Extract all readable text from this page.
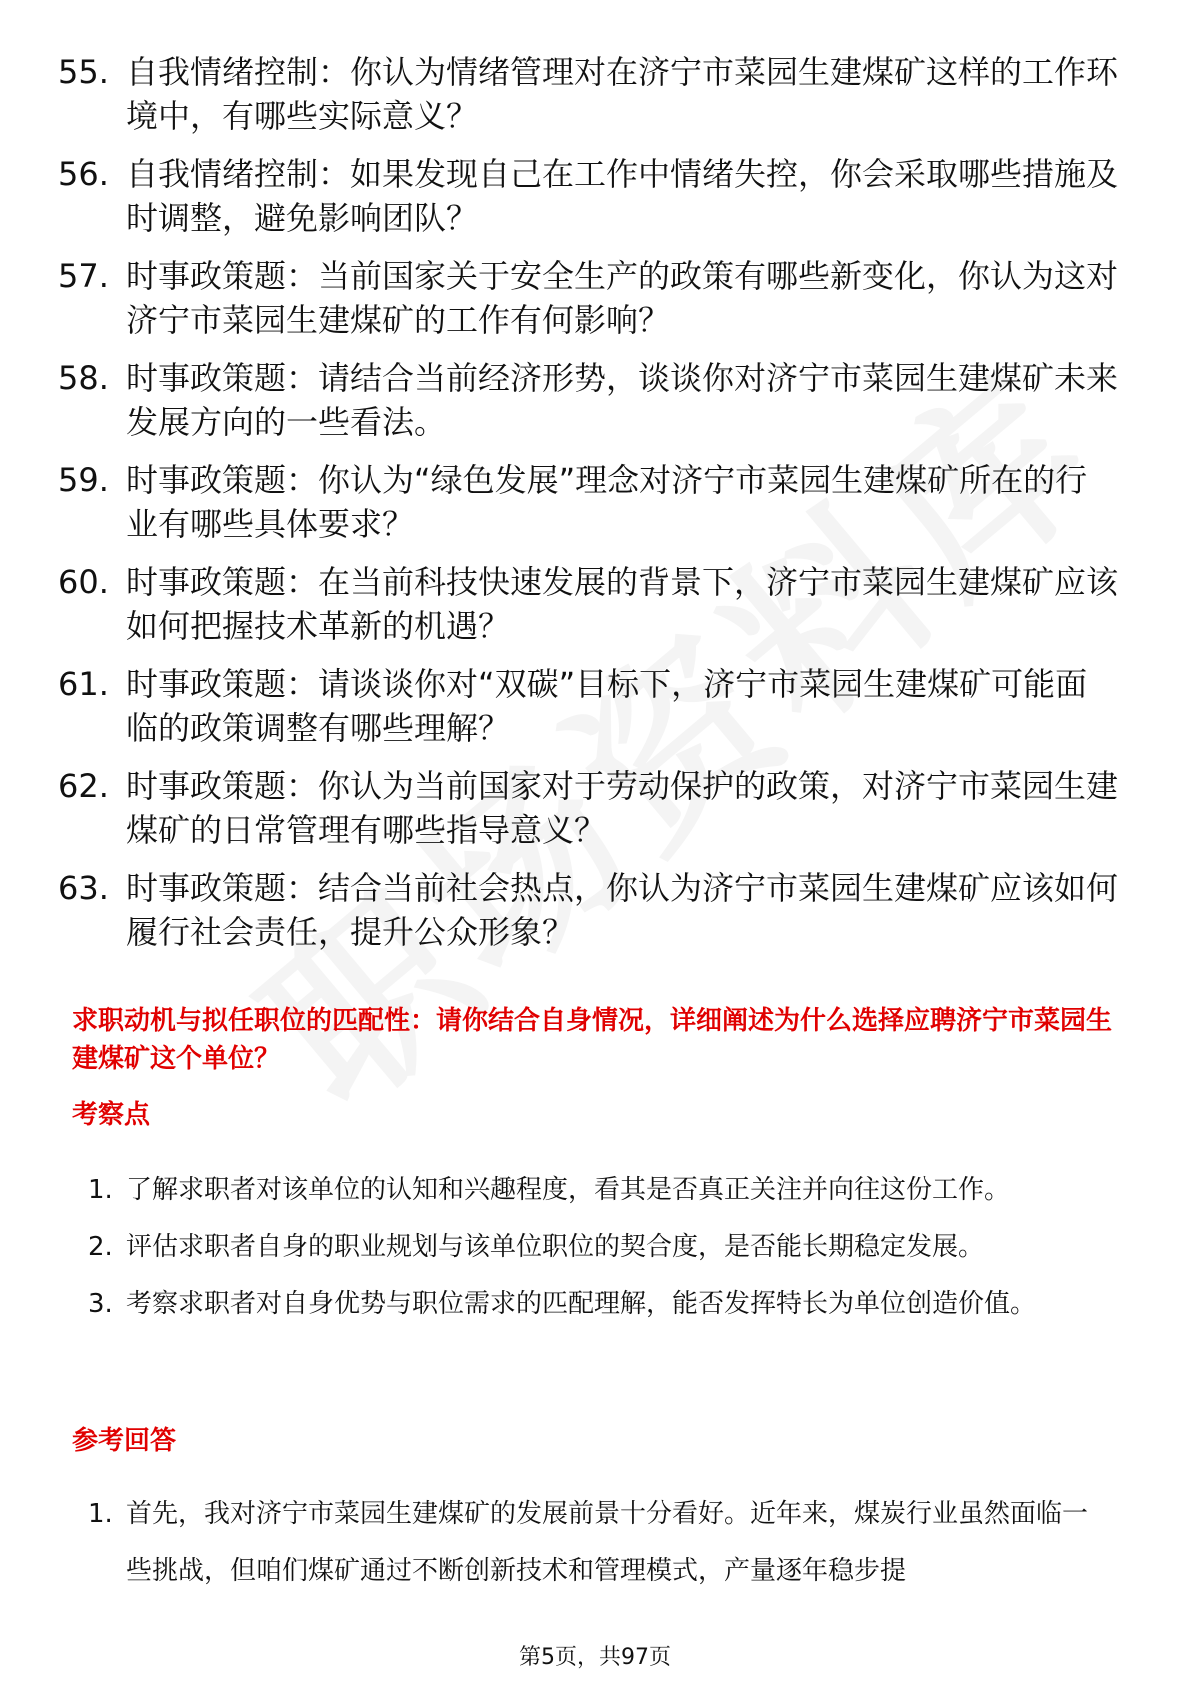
55. 自我情绪控制：你认为情绪管理对在济宁市菜园生建煤矿这样的工作环境中，有哪些实际意义？
56. 自我情绪控制：如果发现自己在工作中情绪失控，你会采取哪些措施及时调整，避免影响团队？
57. 时事政策题：当前国家关于安全生产的政策有哪些新变化，你认为这对济宁市菜园生建煤矿的工作有何影响？
58. 时事政策题：请结合当前经济形势，谈谈你对济宁市菜园生建煤矿未来发展方向的一些看法。
59. 时事政策题：你认为“绿色发展”理念对济宁市菜园生建煤矿所在的行业有哪些具体要求？
60. 时事政策题：在当前科技快速发展的背景下，济宁市菜园生建煤矿应该如何把握技术革新的机遇？
61. 时事政策题：请谈谈你对“双碳”目标下，济宁市菜园生建煤矿可能面临的政策调整有哪些理解？
62. 时事政策题：你认为当前国家对于劳动保护的政策，对济宁市菜园生建煤矿的日常管理有哪些指导意义？
63. 时事政策题：结合当前社会热点，你认为济宁市菜园生建煤矿应该如何履行社会责任，提升公众形象？
求职动机与拟任职位的匹配性：请你结合自身情况，详细阐述为什么选择应聘济宁市菜园生建煤矿这个单位？
考察点
1. 了解求职者对该单位的认知和兴趣程度，看其是否真正关注并向往这份工作。
2. 评估求职者自身的职业规划与该单位职位的契合度，是否能长期稳定发展。
3. 考察求职者对自身优势与职位需求的匹配理解，能否发挥特长为单位创造价值。
参考回答
1. 首先，我对济宁市菜园生建煤矿的发展前景十分看好。近年来，煤炭行业虽然面临一些挑战，但咱们煤矿通过不断创新技术和管理模式，产量逐年稳步提
第5页，共97页
